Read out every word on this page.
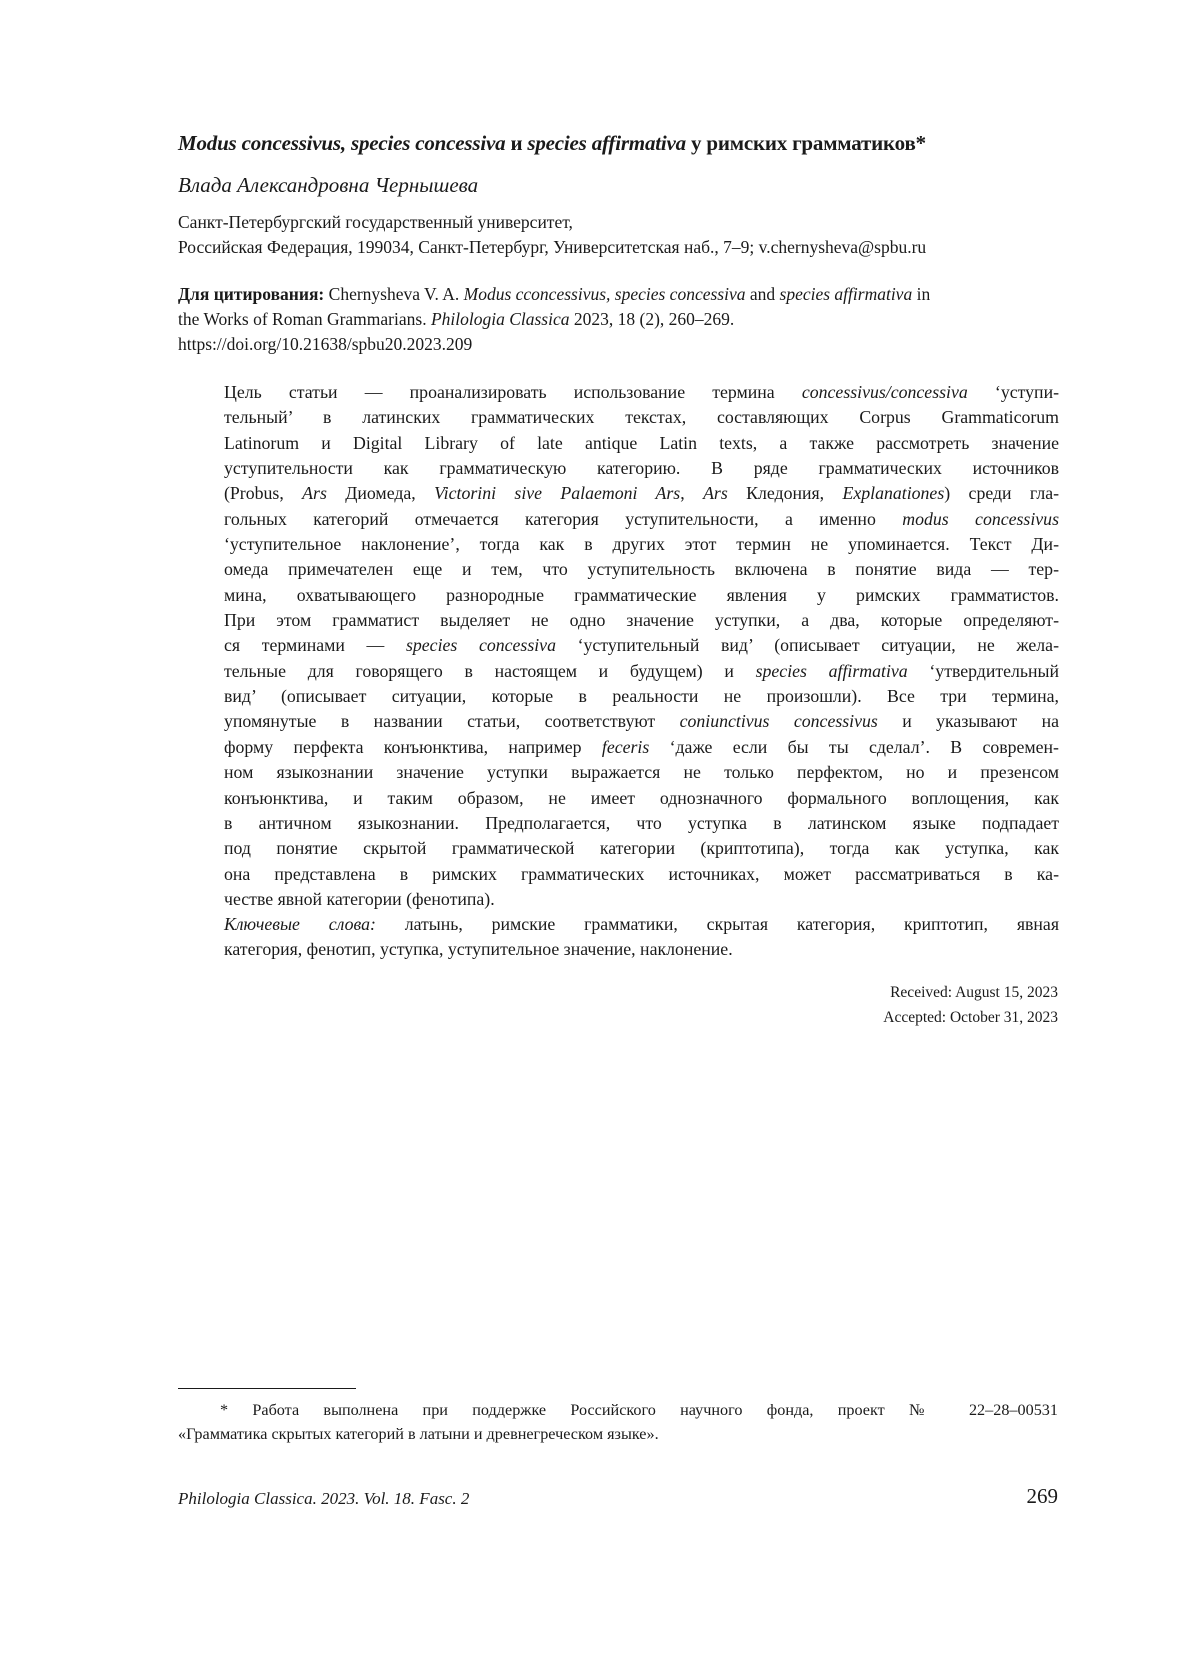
Modus concessivus, species concessiva и species affirmativa у римских грамматиков*
Влада Александровна Чернышева
Санкт-Петербургский государственный университет,
Российская Федерация, 199034, Санкт-Петербург, Университетская наб., 7–9; v.chernysheva@spbu.ru
Для цитирования: Chernysheva V. A. Modus cconcessivus, species concessiva and species affirmativa in
the Works of Roman Grammarians. Philologia Classica 2023, 18 (2), 260–269.
https://doi.org/10.21638/spbu20.2023.209
Цель статьи — проанализировать использование термина concessivus/concessiva ‘уступи-
тельный’ в латинских грамматических текстах, составляющих Corpus Grammaticorum
Latinorum и Digital Library of late antique Latin texts, а также рассмотреть значение
уступительности как грамматическую категорию. В ряде грамматических источников
(Probus, Ars Диомеда, Victorini sive Palaemoni Ars, Ars Кледония, Explanationes) среди гла-
гольных категорий отмечается категория уступительности, а именно modus concessivus
‘уступительное наклонение’, тогда как в других этот термин не упоминается. Текст Ди-
омеда примечателен еще и тем, что уступительность включена в понятие вида — тер-
мина, охватывающего разнородные грамматические явления у римских грамматистов.
При этом грамматист выделяет не одно значение уступки, а два, которые определяют-
ся терминами — species concessiva ‘уступительный вид’ (описывает ситуации, не жела-
тельные для говорящего в настоящем и будущем) и species affirmativa ‘утвердительный
вид’ (описывает ситуации, которые в реальности не произошли). Все три термина,
упомянутые в названии статьи, соответствуют coniunctivus concessivus и указывают на
форму перфекта конъюнктива, например feceris ‘даже если бы ты сделал’. В современ-
ном языкознании значение уступки выражается не только перфектом, но и презенсом
конъюнктива, и таким образом, не имеет однозначного формального воплощения, как
в античном языкознании. Предполагается, что уступка в латинском языке подпадает
под понятие скрытой грамматической категории (криптотипа), тогда как уступка, как
она представлена в римских грамматических источниках, может рассматриваться в ка-
честве явной категории (фенотипа).
Ключевые слова: латынь, римские грамматики, скрытая категория, криптотип, явная
категория, фенотип, уступка, уступительное значение, наклонение.
Received: August 15, 2023
Accepted: October 31, 2023
* Работа выполнена при поддержке Российского научного фонда, проект № 22–28–00531
«Грамматика скрытых категорий в латыни и древнегреческом языке».
Philologia Classica. 2023. Vol. 18. Fasc. 2	269
